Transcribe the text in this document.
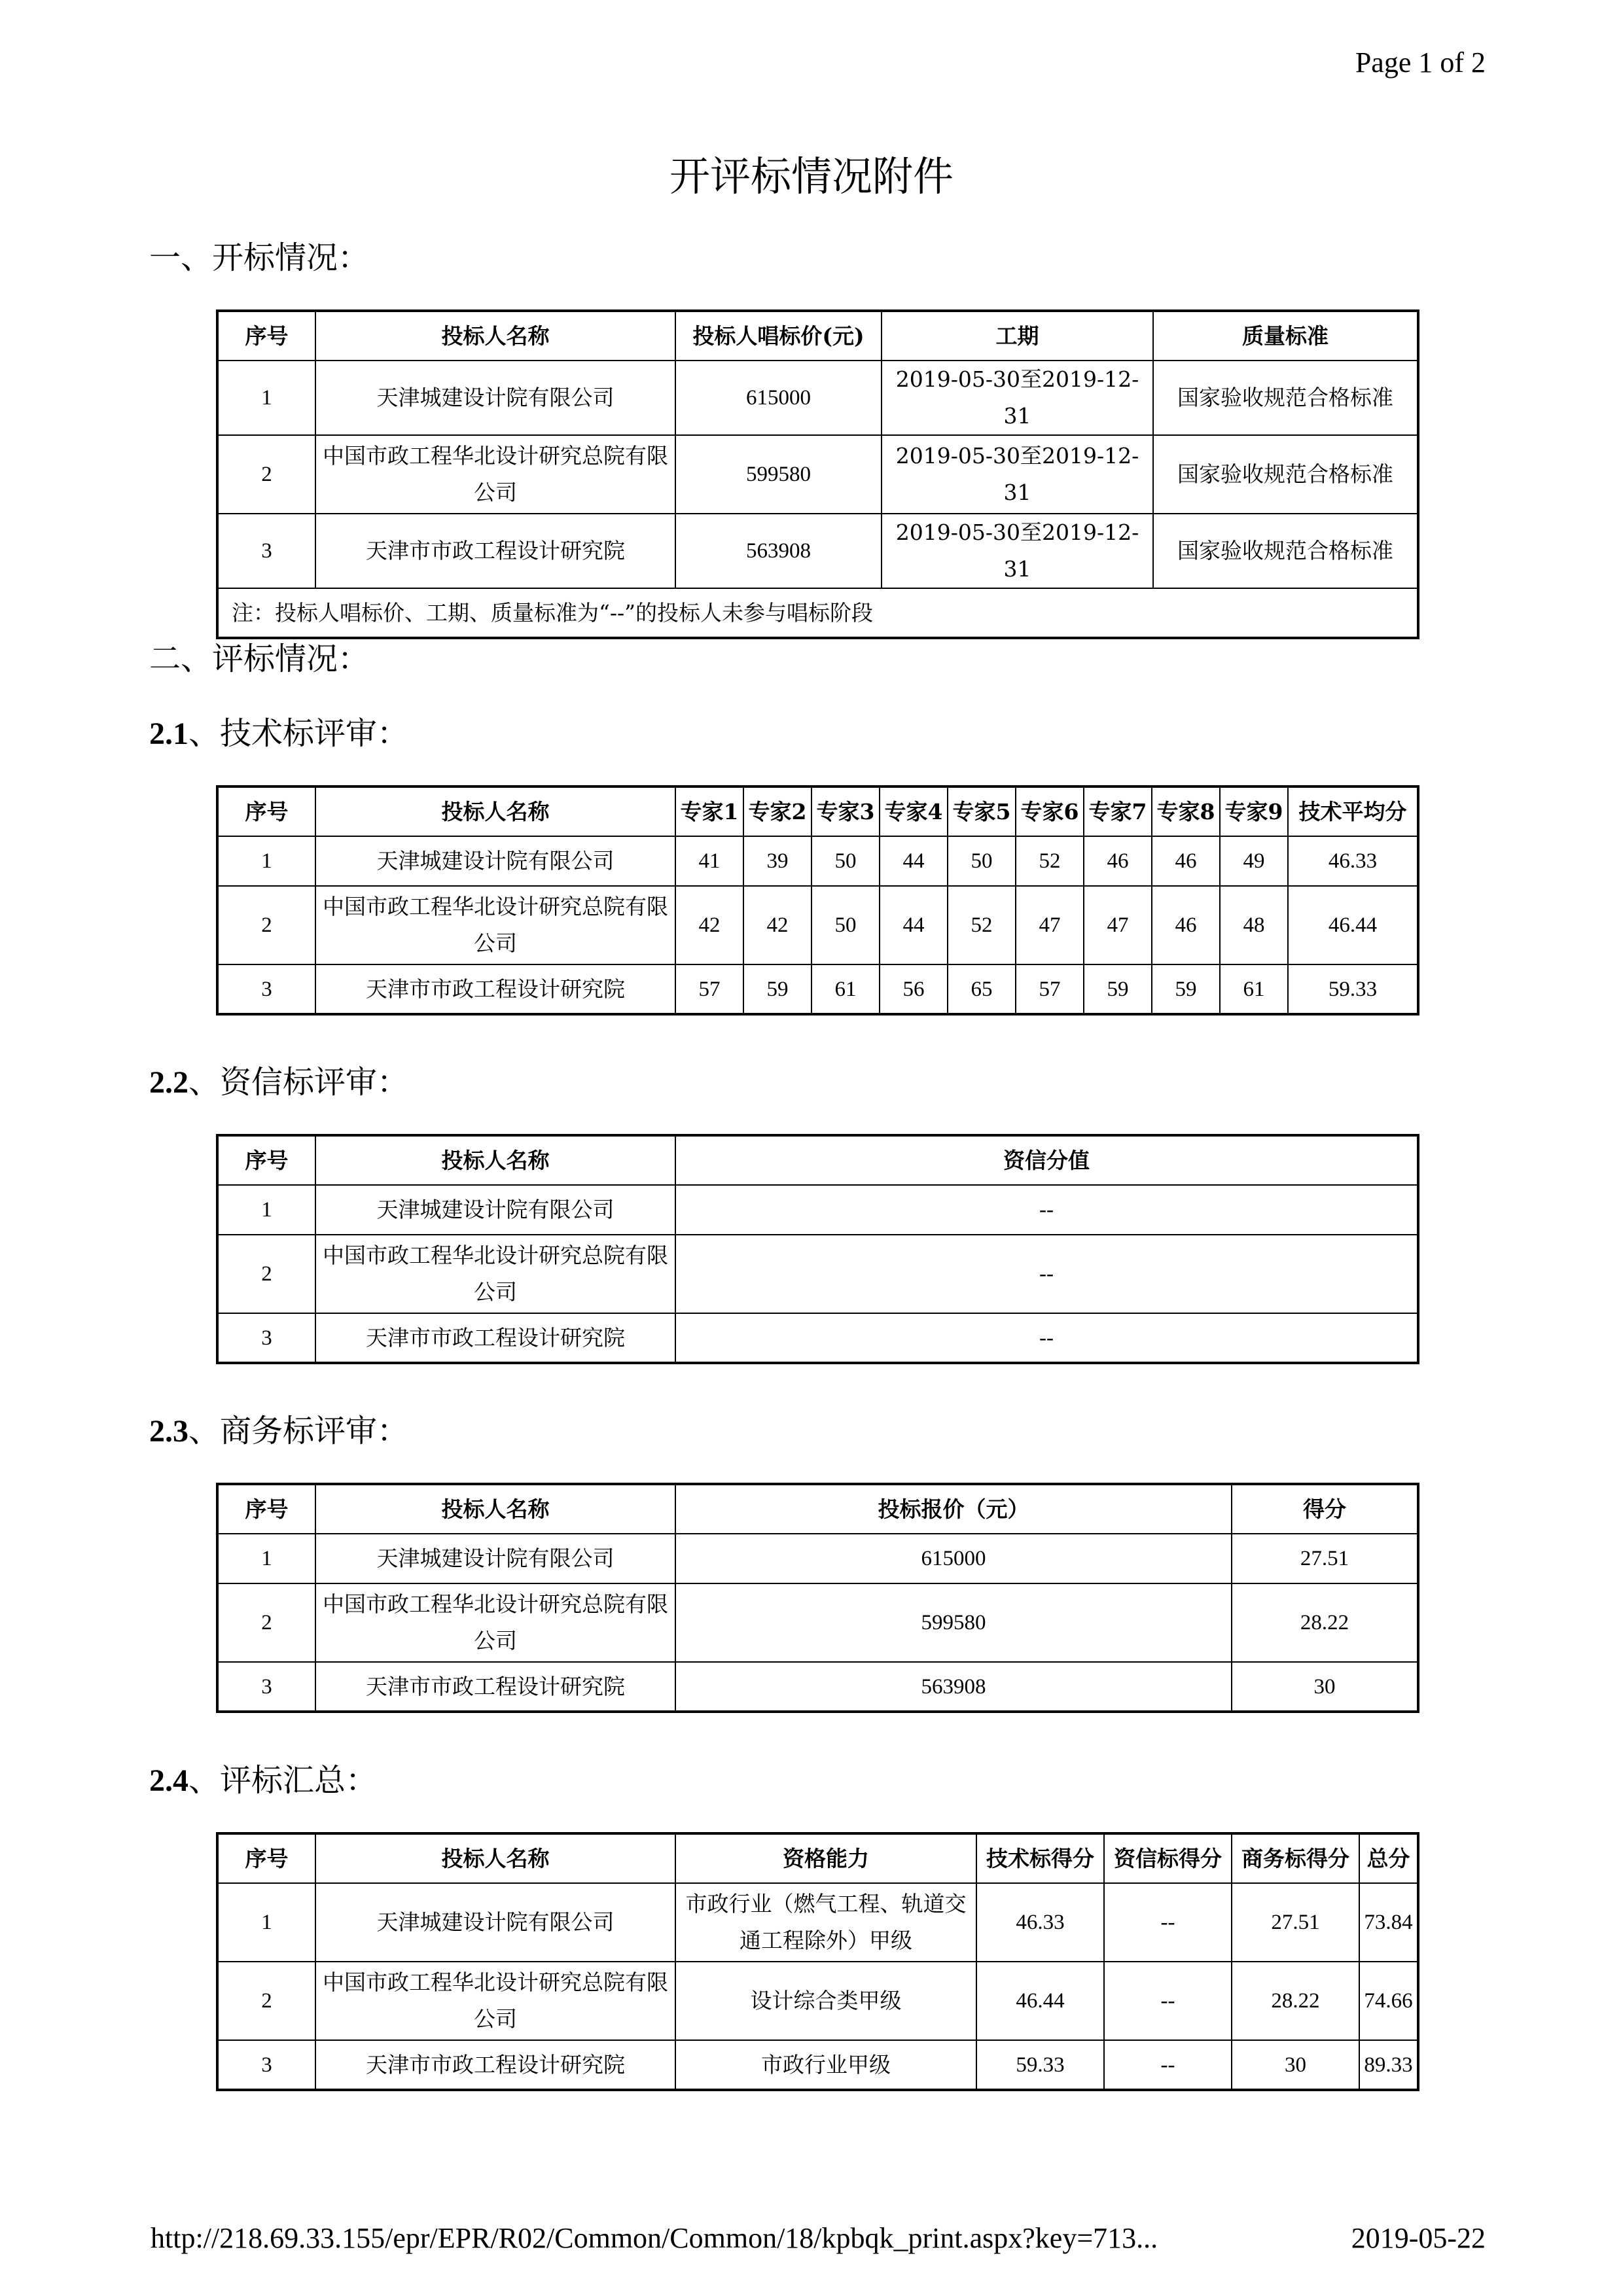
Page 1 of 2
开评标情况附件
一、开标情况：
序号	投标人名称	投标人唱标价(元)	工期	质量标准
1	天津城建设计院有限公司	615000	2019-05-30至2019-12-31	国家验收规范合格标准
2	中国市政工程华北设计研究总院有限公司	599580	2019-05-30至2019-12-31	国家验收规范合格标准
3	天津市市政工程设计研究院	563908	2019-05-30至2019-12-31	国家验收规范合格标准
注：投标人唱标价、工期、质量标准为“--”的投标人未参与唱标阶段				
二、评标情况：
2.1、技术标评审：
序号	投标人名称	专家1	专家2	专家3	专家4	专家5	专家6	专家7	专家8	专家9	技术平均分
1	天津城建设计院有限公司	41	39	50	44	50	52	46	46	49	46.33
2	中国市政工程华北设计研究总院有限公司	42	42	50	44	52	47	47	46	48	46.44
3	天津市市政工程设计研究院	57	59	61	56	65	57	59	59	61	59.33
2.2、资信标评审：
序号	投标人名称	资信分值
1	天津城建设计院有限公司	--
2	中国市政工程华北设计研究总院有限公司	--
3	天津市市政工程设计研究院	--
2.3、商务标评审：
序号	投标人名称	投标报价（元）	得分
1	天津城建设计院有限公司	615000	27.51
2	中国市政工程华北设计研究总院有限公司	599580	28.22
3	天津市市政工程设计研究院	563908	30
2.4、评标汇总：
序号	投标人名称	资格能力	技术标得分	资信标得分	商务标得分	总分
1	天津城建设计院有限公司	市政行业（燃气工程、轨道交通工程除外）甲级	46.33	--	27.51	73.84
2	中国市政工程华北设计研究总院有限公司	设计综合类甲级	46.44	--	28.22	74.66
3	天津市市政工程设计研究院	市政行业甲级	59.33	--	30	89.33
http://218.69.33.155/epr/EPR/R02/Common/Common/18/kpbqk_print.aspx?key=713...	2019-05-22
